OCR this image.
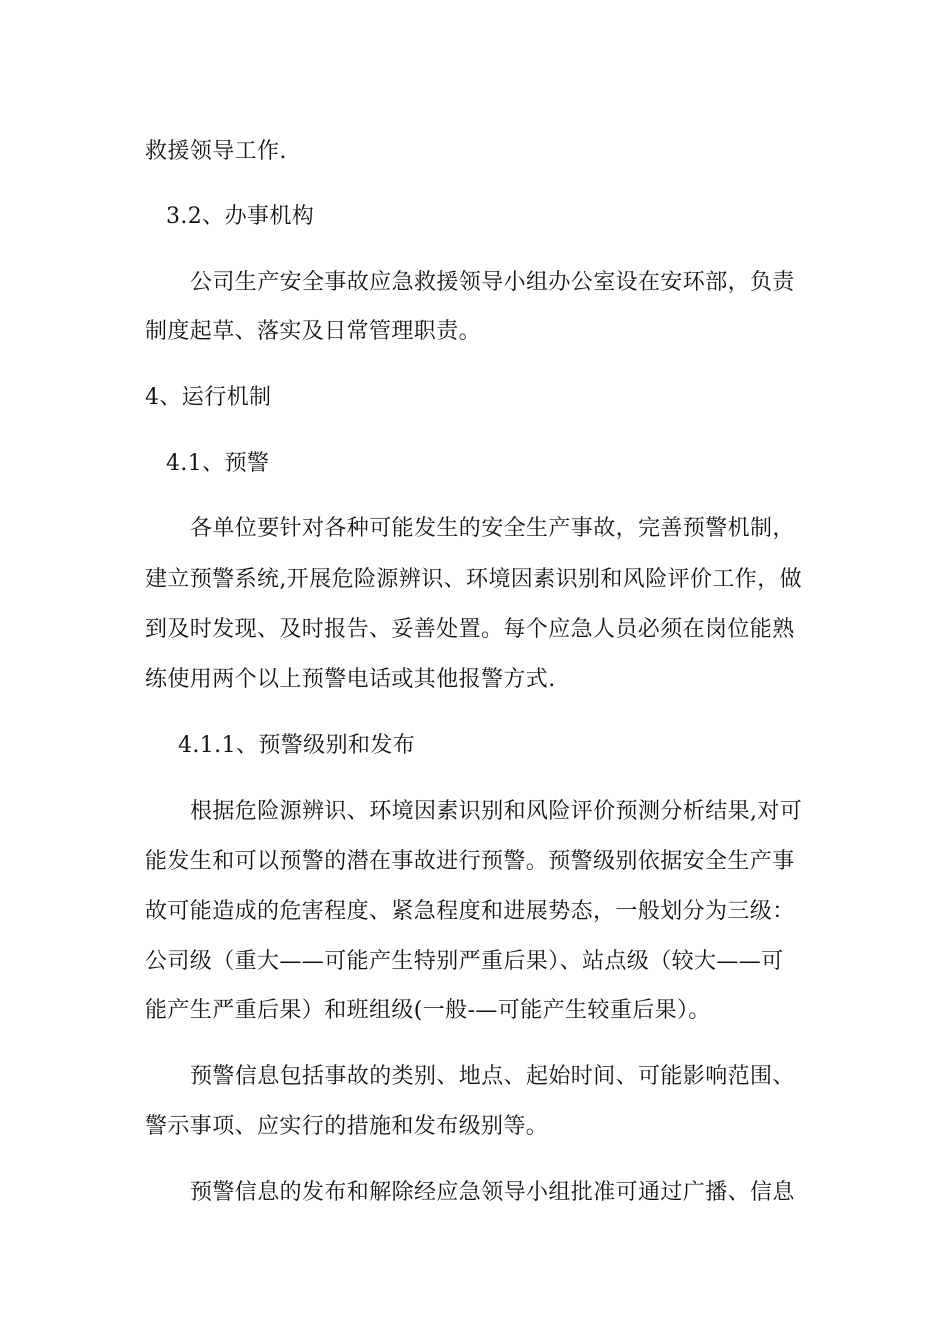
救援领导工作.
3.2、办事机构
公司生产安全事故应急救援领导小组办公室设在安环部，负责
制度起草、落实及日常管理职责。
4、运行机制
4.1、预警
各单位要针对各种可能发生的安全生产事故，完善预警机制，
建立预警系统,开展危险源辨识、环境因素识别和风险评价工作，做
到及时发现、及时报告、妥善处置。每个应急人员必须在岗位能熟
练使用两个以上预警电话或其他报警方式.
4.1.1、预警级别和发布
根据危险源辨识、环境因素识别和风险评价预测分析结果,对可
能发生和可以预警的潜在事故进行预警。预警级别依据安全生产事
故可能造成的危害程度、紧急程度和进展势态，一般划分为三级：
公司级（重大——可能产生特别严重后果）、站点级（较大——可
能产生严重后果）和班组级(一般-—可能产生较重后果）。
预警信息包括事故的类别、地点、起始时间、可能影响范围、
警示事项、应实行的措施和发布级别等。
预警信息的发布和解除经应急领导小组批准可通过广播、信息
